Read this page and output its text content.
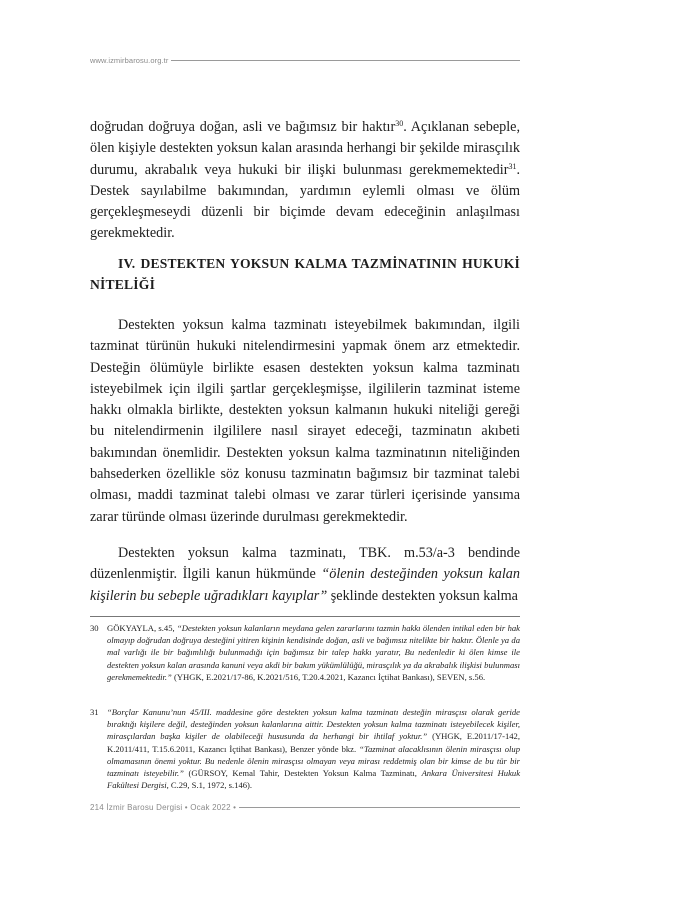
www.izmirbarosu.org.tr

doğrudan doğruya doğan, asli ve bağımsız bir haktır$^{30}$. Açıklanan sebeple, ölen kişiyle destekten yoksun kalan arasında herhangi bir şekilde mirasçılık durumu, akrabalık veya hukuki bir ilişki bulunması gerekmemektedir$^{31}$. Destek sayılabilme bakımından, yardımın eylemli olması ve ölüm gerçekleşmeseydi düzenli bir biçimde devam edeceğinin anlaşılması gerekmektedir.

IV. DESTEKTEN YOKSUN KALMA TAZMİNATININ HUKUKİ NİTELİĞİ

Destekten yoksun kalma tazminatı isteyebilmek bakımından, ilgili tazminat türünün hukuki nitelendirmesini yapmak önem arz etmektedir. Desteğin ölümüyle birlikte esasen destekten yoksun kalma tazminatı isteyebilmek için ilgili şartlar gerçekleşmişse, ilgililerin tazminat isteme hakkı olmakla birlikte, destekten yoksun kalmanın hukuki niteliği gereği bu nitelendirmenin ilgililere nasıl sirayet edeceği, tazminatın akıbeti bakımından önemlidir. Destekten yoksun kalma tazminatının niteliğinden bahsederken özellikle söz konusu tazminatın bağımsız bir tazminat talebi olması, maddi tazminat talebi olması ve zarar türleri içerisinde yansıma zarar türünde olması üzerinde durulması gerekmektedir.

Destekten yoksun kalma tazminatı, TBK. m.53/a-3 bendinde düzenlenmiştir. İlgili kanun hükmünde “ölenin desteğinden yoksun kalan kişilerin bu sebeple uğradıkları kayıplar” şeklinde destekten yoksun kalma

30 GÖKYAYLA, s.45, “Destekten yoksun kalanların meydana gelen zararlarını tazmin hakkı ölenden intikal eden bir hak olmayıp doğrudan doğruya desteğini yitiren kişinin kendisinde doğan, asli ve bağımsız nitelikte bir haktır. Ölenle ya da mal varlığı ile bir bağımlılığı bulunmadığı için bağımsız bir talep hakkı yaratır, Bu nedenledir ki ölen kimse ile destekten yoksun kalan arasında kanuni veya akdi bir bakım yükümlülüğü, mirasçılık ya da akrabalık ilişkisi bulunması gerekmemektedir.” (YHGK, E.2021/17-86, K.2021/516, T.20.4.2021, Kazancı İçtihat Bankası), SEVEN, s.56.
31 “Borçlar Kanunu’nun 45/III. maddesine göre destekten yoksun kalma tazminatı desteğin mirasçısı olarak geride bıraktığı kişilere değil, desteğinden yoksun kalanlarına aittir. Destekten yoksun kalma tazminatı isteyebilecek kişiler, mirasçılardan başka kişiler de olabileceği hususunda da herhangi bir ihtilaf yoktur.” (YHGK, E.2011/17-142, K.2011/411, T.15.6.2011, Kazancı İçtihat Bankası), Benzer yönde bkz. “Tazminat alacaklısının ölenin mirasçısı olup olmamasının önemi yoktur. Bu nedenle ölenin mirasçısı olmayan veya mirası reddetmiş olan bir kimse de bu tür bir tazminatı isteyebilir.” (GÜRSOY, Kemal Tahir, Destekten Yoksun Kalma Tazminatı, Ankara Üniversitesi Hukuk Fakültesi Dergisi, C.29, S.1, 1972, s.146).
214 İzmir Barosu Dergisi • Ocak 2022 •
